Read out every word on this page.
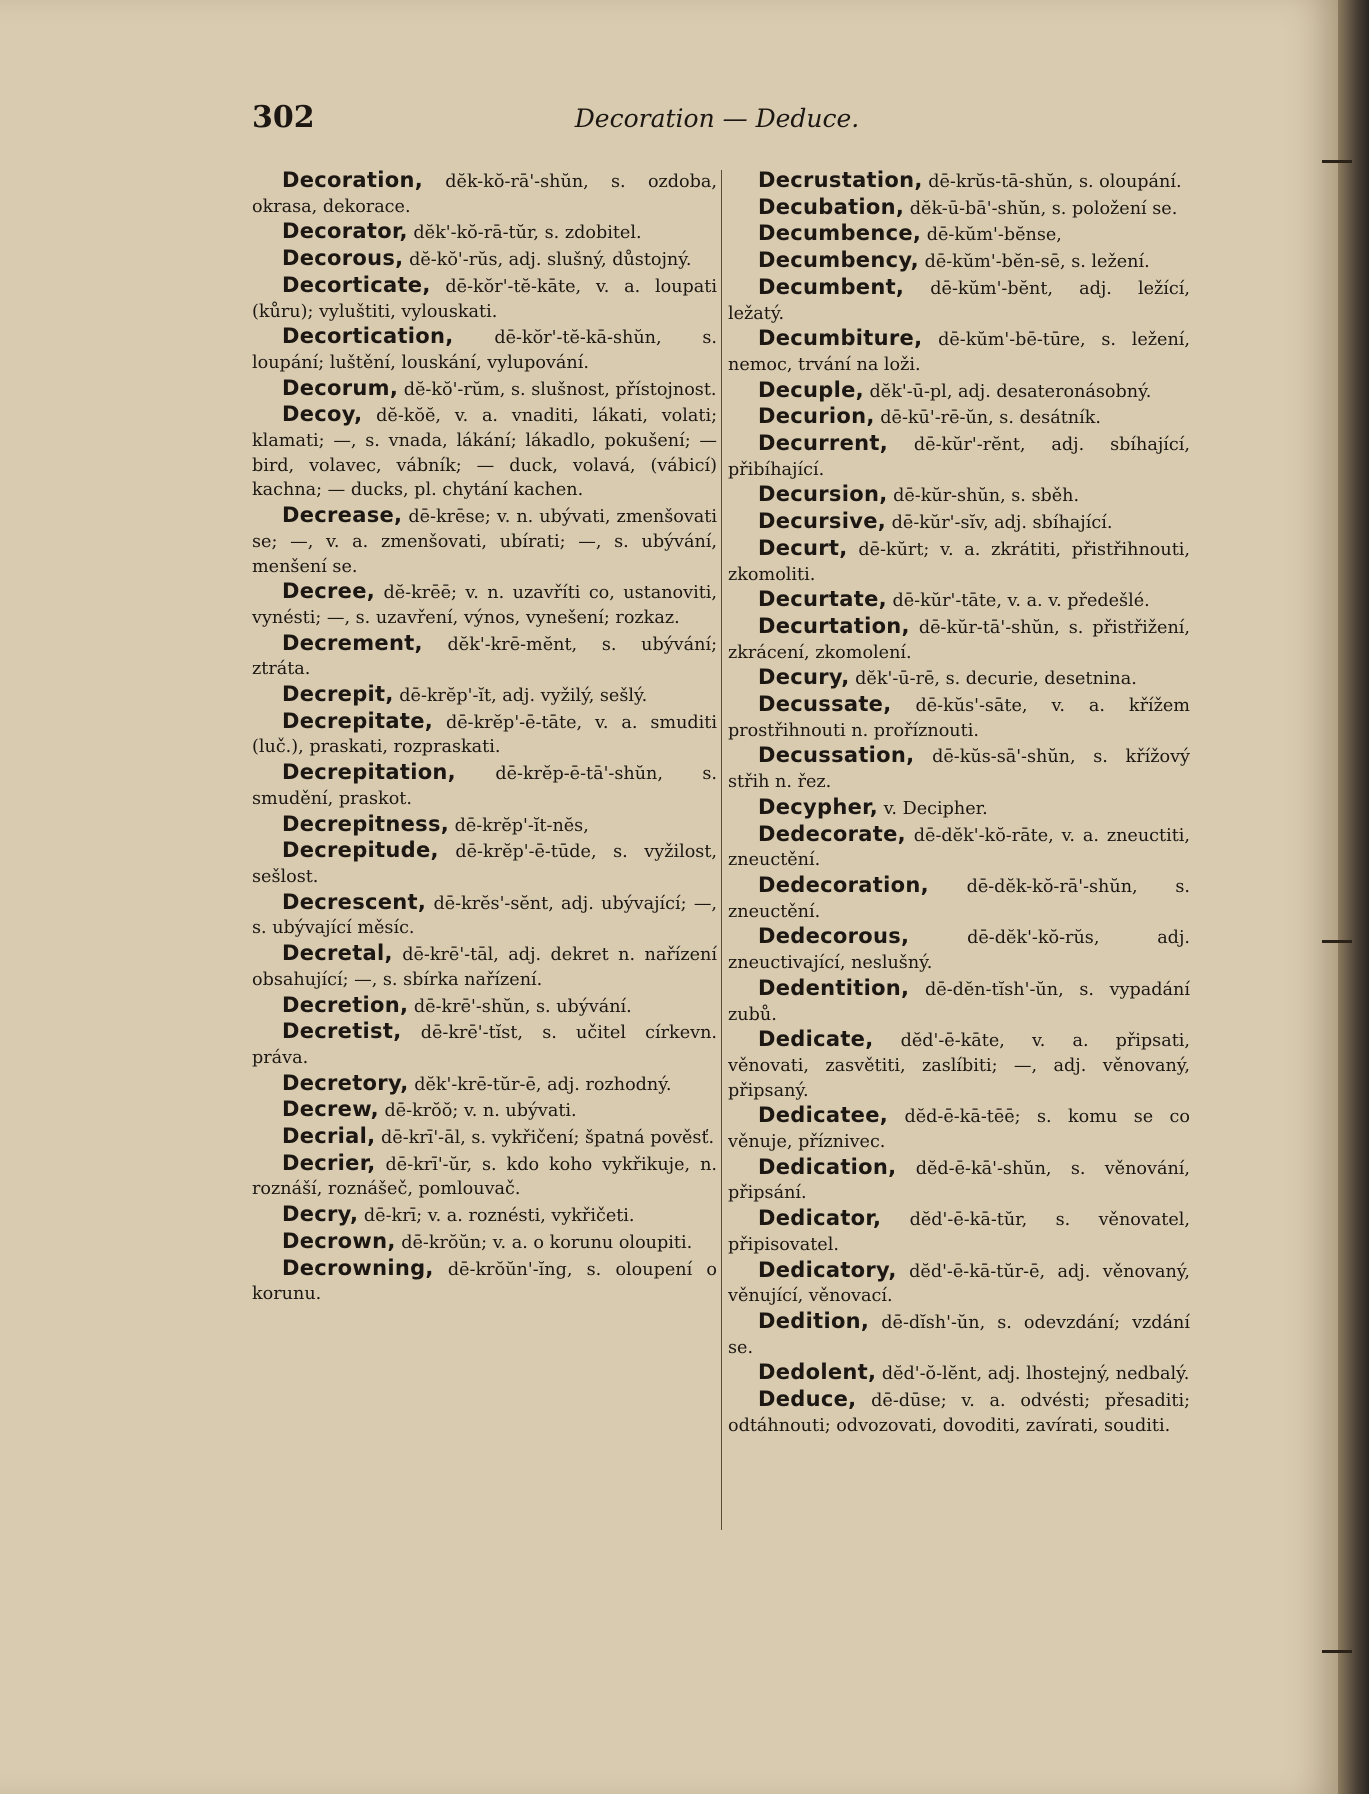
302	Decoration — Deduce.

Decoration, dĕk-kŏ-rā'-shŭn, s. ozdoba, okrasa, dekorace.

Decorator, dĕk'-kŏ-rā-tŭr, s. zdobitel.

Decorous, dĕ-kŏ'-rŭs, adj. slušný, důstojný.

Decorticate, dē-kŏr'-tĕ-kāte, v. a. loupati (kůru); vyluštiti, vylouskati.

Decortication, dē-kŏr'-tĕ-kā-shŭn, s. loupání; luštění, louskání, vylupování.

Decorum, dĕ-kŏ'-rŭm, s. slušnost, přístojnost.

Decoy, dĕ-kŏĕ, v. a. vnaditi, lákati, volati; klamati; —, s. vnada, lákání; lákadlo, pokušení; — bird, volavec, vábník; — duck, volavá, (vábicí) kachna; — ducks, pl. chytání kachen.

Decrease, dē-krēse; v. n. ubývati, zmenšovati se; —, v. a. zmenšovati, ubírati; —, s. ubývání, menšení se.

Decree, dĕ-krēē; v. n. uzavříti co, ustanoviti, vynésti; —, s. uzavření, výnos, vynešení; rozkaz.

Decrement, dĕk'-krē-mĕnt, s. ubývání; ztráta.

Decrepit, dē-krĕp'-ĭt, adj. vyžilý, sešlý.

Decrepitate, dē-krĕp'-ē-tāte, v. a. smuditi (luč.), praskati, rozpraskati.

Decrepitation, dē-krĕp-ē-tā'-shŭn, s. smudění, praskot.

Decrepitness, dē-krĕp'-ĭt-nĕs,

Decrepitude, dē-krĕp'-ē-tūde, s. vyžilost, sešlost.

Decrescent, dē-krĕs'-sĕnt, adj. ubývající; —, s. ubývající měsíc.

Decretal, dē-krē'-tāl, adj. dekret n. nařízení obsahující; —, s. sbírka nařízení.

Decretion, dē-krē'-shŭn, s. ubývání.

Decretist, dē-krē'-tĭst, s. učitel církevn. práva.

Decretory, dĕk'-krē-tŭr-ē, adj. rozhodný.

Decrew, dē-krŏŏ; v. n. ubývati.

Decrial, dē-krī'-āl, s. vykřičení; špatná pověsť.

Decrier, dē-krī'-ŭr, s. kdo koho vykřikuje, n. roznáší, roznášeč, pomlouvač.

Decry, dē-krī; v. a. roznésti, vykřičeti.

Decrown, dē-krŏŭn; v. a. o korunu oloupiti.

Decrowning, dē-krŏŭn'-ĭng, s. oloupení o korunu.

Decrustation, dē-krŭs-tā-shŭn, s. oloupání.

Decubation, dĕk-ū-bā'-shŭn, s. položení se.

Decumbence, dē-kŭm'-bĕnse,

Decumbency, dē-kŭm'-bĕn-sē, s. ležení.

Decumbent, dē-kŭm'-bĕnt, adj. ležící, ležatý.

Decumbiture, dē-kŭm'-bē-tūre, s. ležení, nemoc, trvání na loži.

Decuple, dĕk'-ū-pl, adj. desateronásobný.

Decurion, dē-kū'-rē-ŭn, s. desátník.

Decurrent, dē-kŭr'-rĕnt, adj. sbíhající, přibíhající.

Decursion, dē-kŭr-shŭn, s. sběh.

Decursive, dē-kŭr'-sĭv, adj. sbíhající.

Decurt, dē-kŭrt; v. a. zkrátiti, přistřihnouti, zkomoliti.

Decurtate, dē-kŭr'-tāte, v. a. v. předešlé.

Decurtation, dē-kŭr-tā'-shŭn, s. přistřižení, zkrácení, zkomolení.

Decury, dĕk'-ū-rē, s. decurie, desetnina.

Decussate, dē-kŭs'-sāte, v. a. křížem prostřihnouti n. proříznouti.

Decussation, dē-kŭs-sā'-shŭn, s. křížový střih n. řez.

Decypher, v. Decipher.

Dedecorate, dē-dĕk'-kŏ-rāte, v. a. zneuctiti, zneuctění.

Dedecoration, dē-dĕk-kŏ-rā'-shŭn, s. zneuctění.

Dedecorous,	dē-dĕk'-kŏ-rŭs, adj. zneuctivající, neslušný.

Dedentition, dē-dĕn-tĭsh'-ŭn, s. vypadání zubů.

Dedicate, dĕd'-ē-kāte, v. a. připsati, věnovati, zasvětiti, zaslíbiti; —, adj. věnovaný, připsaný.

Dedicatee, dĕd-ē-kā-tēē; s. komu se co věnuje, příznivec.

Dedication, dĕd-ē-kā'-shŭn, s. věnování, připsání.

Dedicator, dĕd'-ē-kā-tŭr, s. věnovatel, připisovatel.

Dedicatory, dĕd'-ē-kā-tŭr-ē, adj. věnovaný, věnující, věnovací.

Dedition, dē-dĭsh'-ŭn, s. odevzdání; vzdání se.

Dedolent, dĕd'-ŏ-lĕnt, adj. lhostejný, nedbalý.

Deduce, dē-dūse; v. a. odvésti; přesaditi; odtáhnouti; odvozovati, dovoditi, zavírati, souditi.
